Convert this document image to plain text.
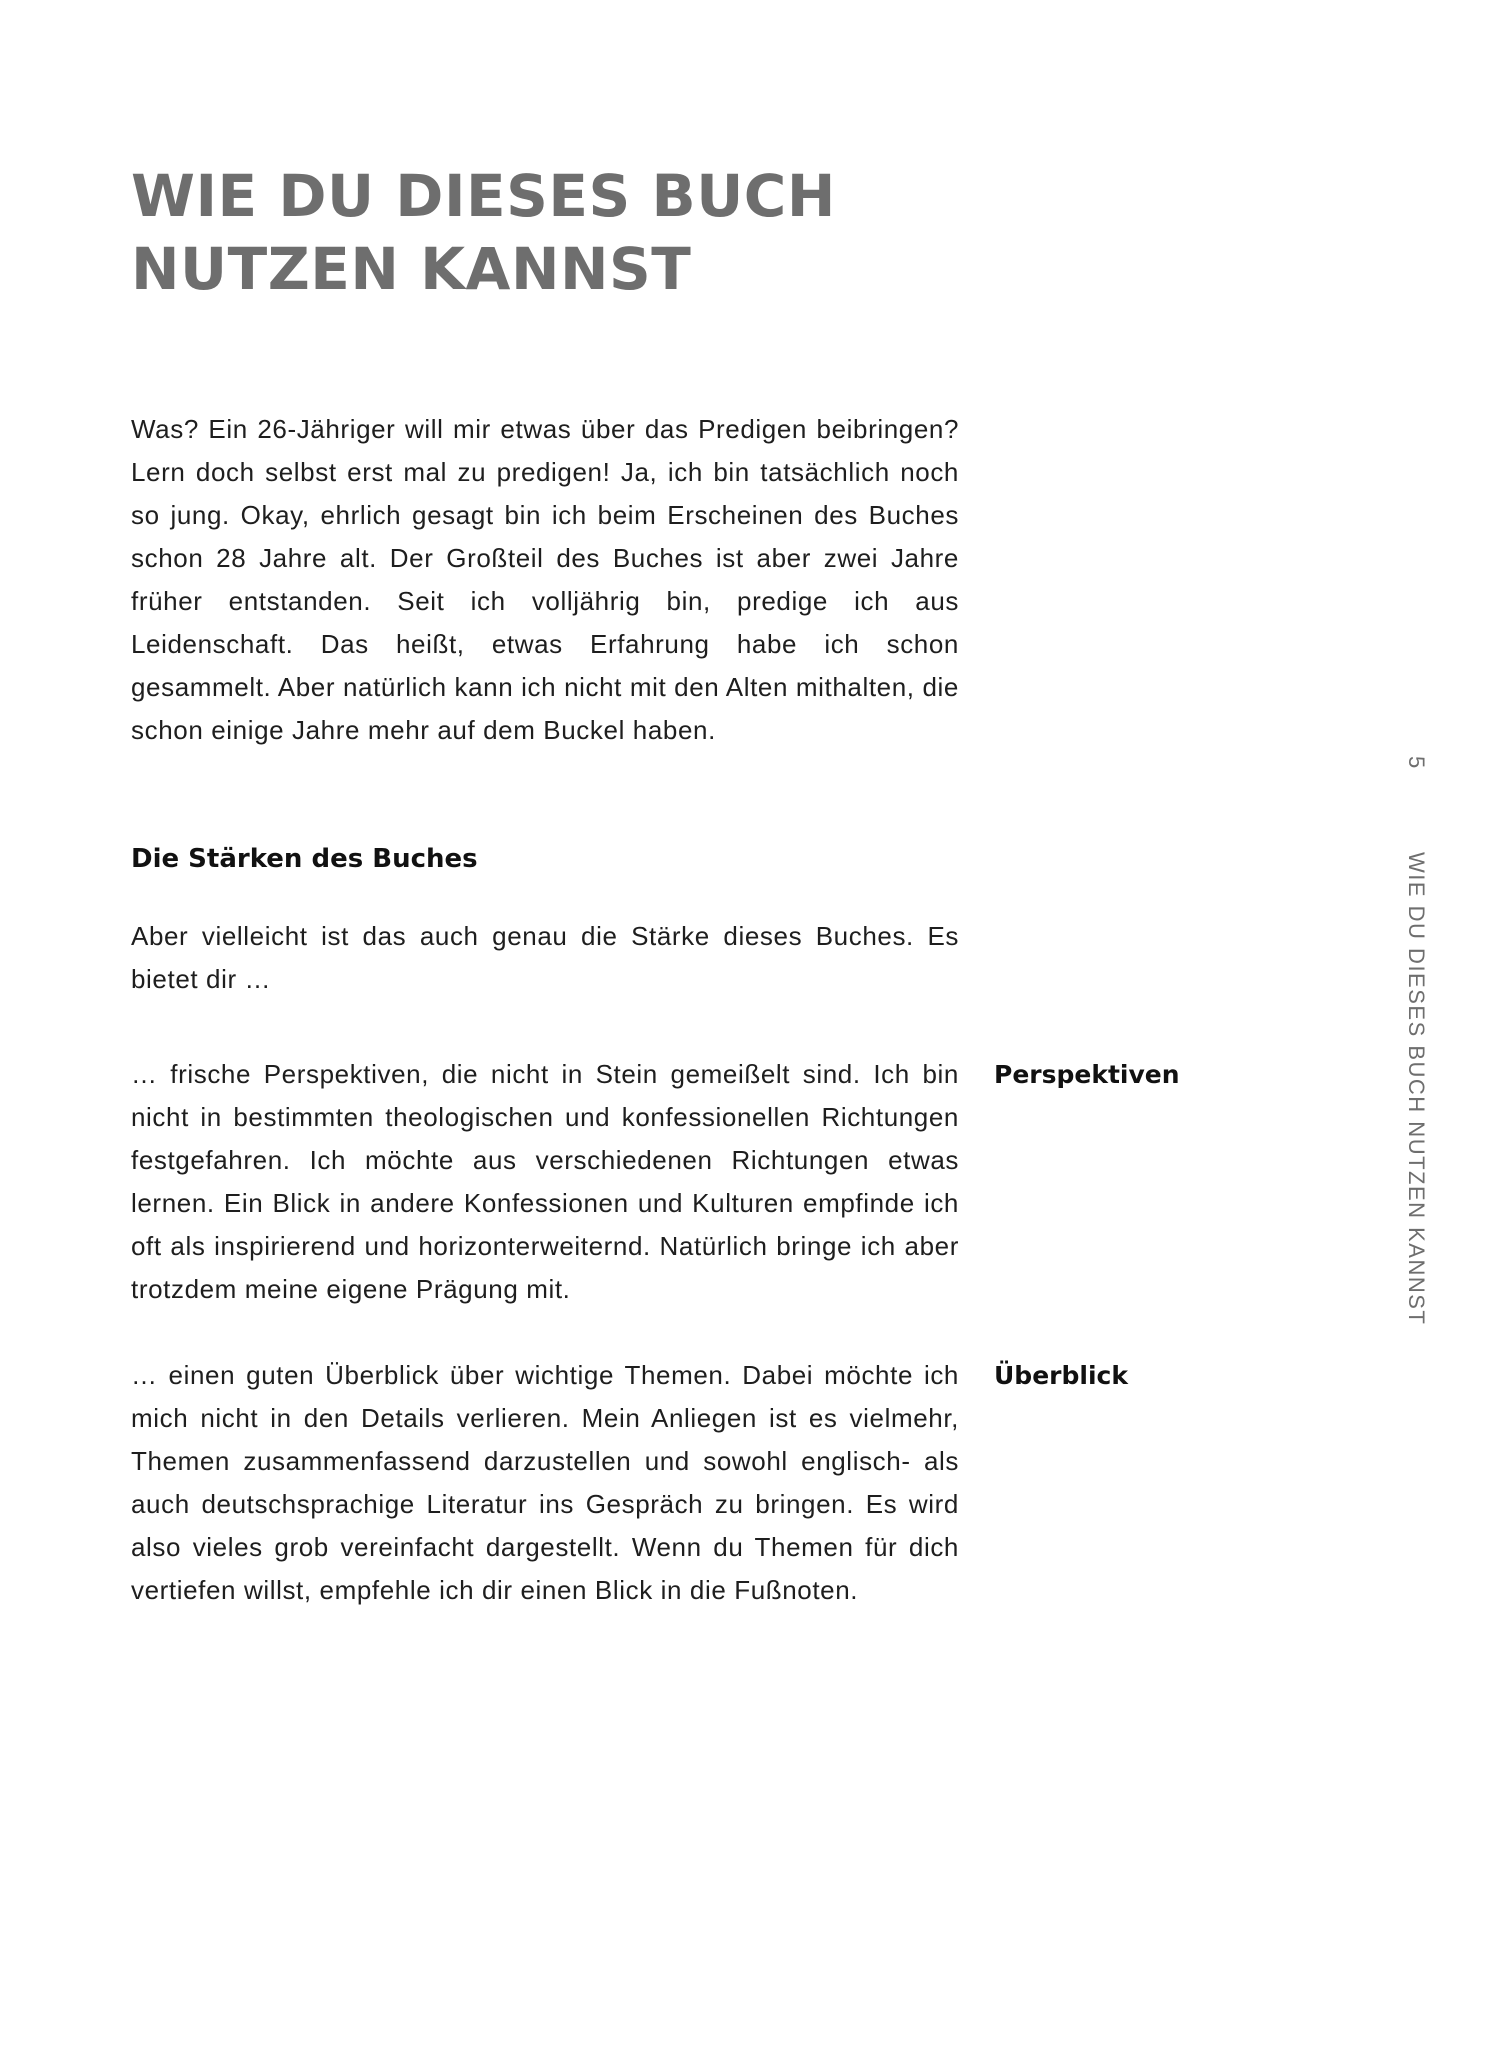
WIE DU DIESES BUCH
NUTZEN KANNST

Was? Ein 26-Jähriger will mir etwas über das Predigen beibringen? Lern doch selbst erst mal zu predigen! Ja, ich bin tatsächlich noch so jung. Okay, ehrlich gesagt bin ich beim Erscheinen des Buches schon 28 Jahre alt. Der Großteil des Buches ist aber zwei Jahre früher entstanden. Seit ich volljährig bin, predige ich aus Leidenschaft. Das heißt, etwas Erfahrung habe ich schon gesammelt. Aber natürlich kann ich nicht mit den Alten mithalten, die schon einige Jahre mehr auf dem Buckel haben.

Die Stärken des Buches

Aber vielleicht ist das auch genau die Stärke dieses Buches. Es bietet dir …

Perspektiven

… frische Perspektiven, die nicht in Stein gemeißelt sind. Ich bin nicht in bestimmten theologischen und konfessionellen Richtungen festgefahren. Ich möchte aus verschiedenen Richtungen etwas lernen. Ein Blick in andere Konfessionen und Kulturen empfinde ich oft als inspirierend und horizonterweiternd. Natürlich bringe ich aber trotzdem meine eigene Prägung mit.

Überblick

… einen guten Überblick über wichtige Themen. Dabei möchte ich mich nicht in den Details verlieren. Mein Anliegen ist es vielmehr, Themen zusammenfassend darzustellen und sowohl englisch- als auch deutschsprachige Literatur ins Gespräch zu bringen. Es wird also vieles grob vereinfacht dargestellt. Wenn du Themen für dich vertiefen willst, empfehle ich dir einen Blick in die Fußnoten.

5
WIE DU DIESES BUCH NUTZEN KANNST
